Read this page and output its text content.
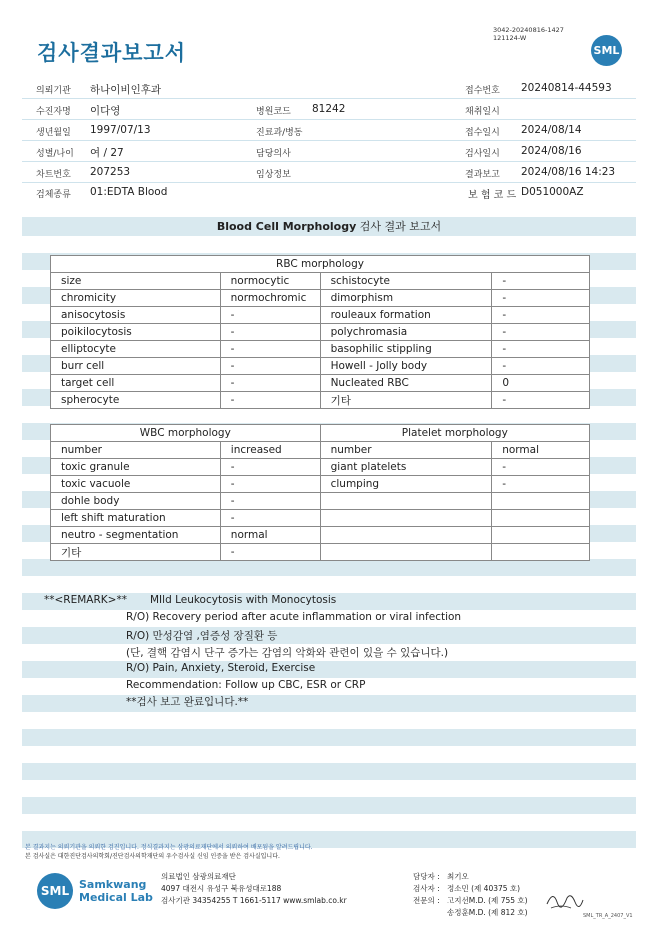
검사결과보고서
3042-20240816-1427
121124-W
SML
의뢰기관 하나이비인후과	접수번호 20240814-44593
수진자명 이다영	병원코드 81242	채취일시
생년월일 1997/07/13	진료과/병동	접수일시 2024/08/14
성별/나이 여 / 27	담당의사	검사일시 2024/08/16
차트번호 207253	임상정보	결과보고 2024/08/16 14:23
검체종류 01:EDTA Blood	보 험 코 드 D051000AZ
Blood Cell Morphology 검사 결과 보고서
RBC morphology			
size	normocytic	schistocyte	-
chromicity	normochromic	dimorphism	-
anisocytosis	-	rouleaux formation	-
poikilocytosis	-	polychromasia	-
elliptocyte	-	basophilic stippling	-
burr cell	-	Howell - Jolly body	-
target cell	-	Nucleated RBC	0
spherocyte	-	기타	-
WBC morphology		Platelet morphology	
number	increased	number	normal
toxic granule	-	giant platelets	-
toxic vacuole	-	clumping	-
dohle body	-		
left shift maturation	-		
neutro - segmentation	normal		
기타	-		
**<REMARK>** MIld Leukocytosis with Monocytosis
R/O) Recovery period after acute inflammation or viral infection
R/O) 만성감염 ,염증성 장질환 등
(단, 결핵 감염시 단구 증가는 감염의 악화와 관련이 있을 수 있습니다.)
R/O) Pain, Anxiety, Steroid, Exercise
Recommendation: Follow up CBC, ESR or CRP
**검사 보고 완료입니다.**
본 결과지는 의뢰기관을 의뢰한 검진입니다. 정식결과지는 삼광의료재단에서 의뢰하여 배포됨을 알려드립니다.
본 검사실은 대한진단검사의학회/진단검사의학재단의 우수검사실 신임 인증을 받은 검사실입니다.
SML Samkwang
Medical Lab
의료법인 삼광의료재단
4097 대전시 유성구 북유성대로188
검사기관 34354255 T 1661-5117 www.smlab.co.kr
담당자 : 최기오
검사자 : 정소민 (제 40375 호)
전문의 : 고지선M.D. (제 755 호)
송정훈M.D. (제 812 호)	SML_TR_A_2407_V1
